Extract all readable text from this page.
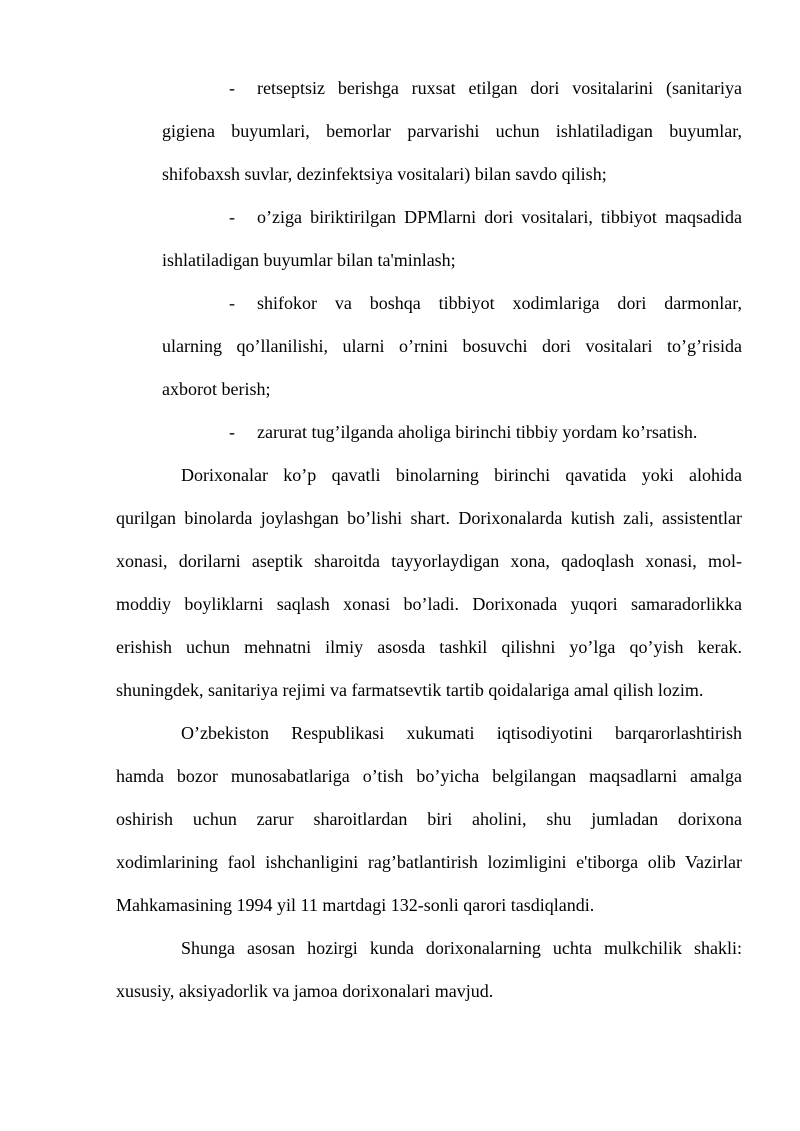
- retseptsiz berishga ruxsat etilgan dori vositalarini (sanitariya
gigiena buyumlari, bemorlar parvarishi uchun ishlatiladigan buyumlar,
shifobaxsh suvlar, dezinfektsiya vositalari) bilan savdo qilish;
- o’ziga biriktirilgan DPMlarni dori vositalari, tibbiyot maqsadida
ishlatiladigan buyumlar bilan ta'minlash;
- shifokor va boshqa tibbiyot xodimlariga dori darmonlar,
ularning qo’llanilishi, ularni o’rnini bosuvchi dori vositalari to’g’risida
axborot berish;
- zarurat tug’ilganda aholiga birinchi tibbiy yordam ko’rsatish.
Dorixonalar ko’p qavatli binolarning birinchi qavatida yoki alohida
qurilgan binolarda joylashgan bo’lishi shart. Dorixonalarda kutish zali, assistentlar
xonasi, dorilarni aseptik sharoitda tayyorlaydigan xona, qadoqlash xonasi, mol-
moddiy boyliklarni saqlash xonasi bo’ladi. Dorixonada yuqori samaradorlikka
erishish uchun mehnatni ilmiy asosda tashkil qilishni yo’lga qo’yish kerak.
shuningdek, sanitariya rejimi va farmatsevtik tartib qoidalariga amal qilish lozim.
O’zbekiston Respublikasi xukumati iqtisodiyotini barqarorlashtirish
hamda bozor munosabatlariga o’tish bo’yicha belgilangan maqsadlarni amalga
oshirish uchun zarur sharoitlardan biri aholini, shu jumladan dorixona
xodimlarining faol ishchanligini rag’batlantirish lozimligini e'tiborga olib Vazirlar
Mahkamasining 1994 yil 11 martdagi 132-sonli qarori tasdiqlandi.
Shunga asosan hozirgi kunda dorixonalarning uchta mulkchilik shakli:
xususiy, aksiyadorlik va jamoa dorixonalari mavjud.
